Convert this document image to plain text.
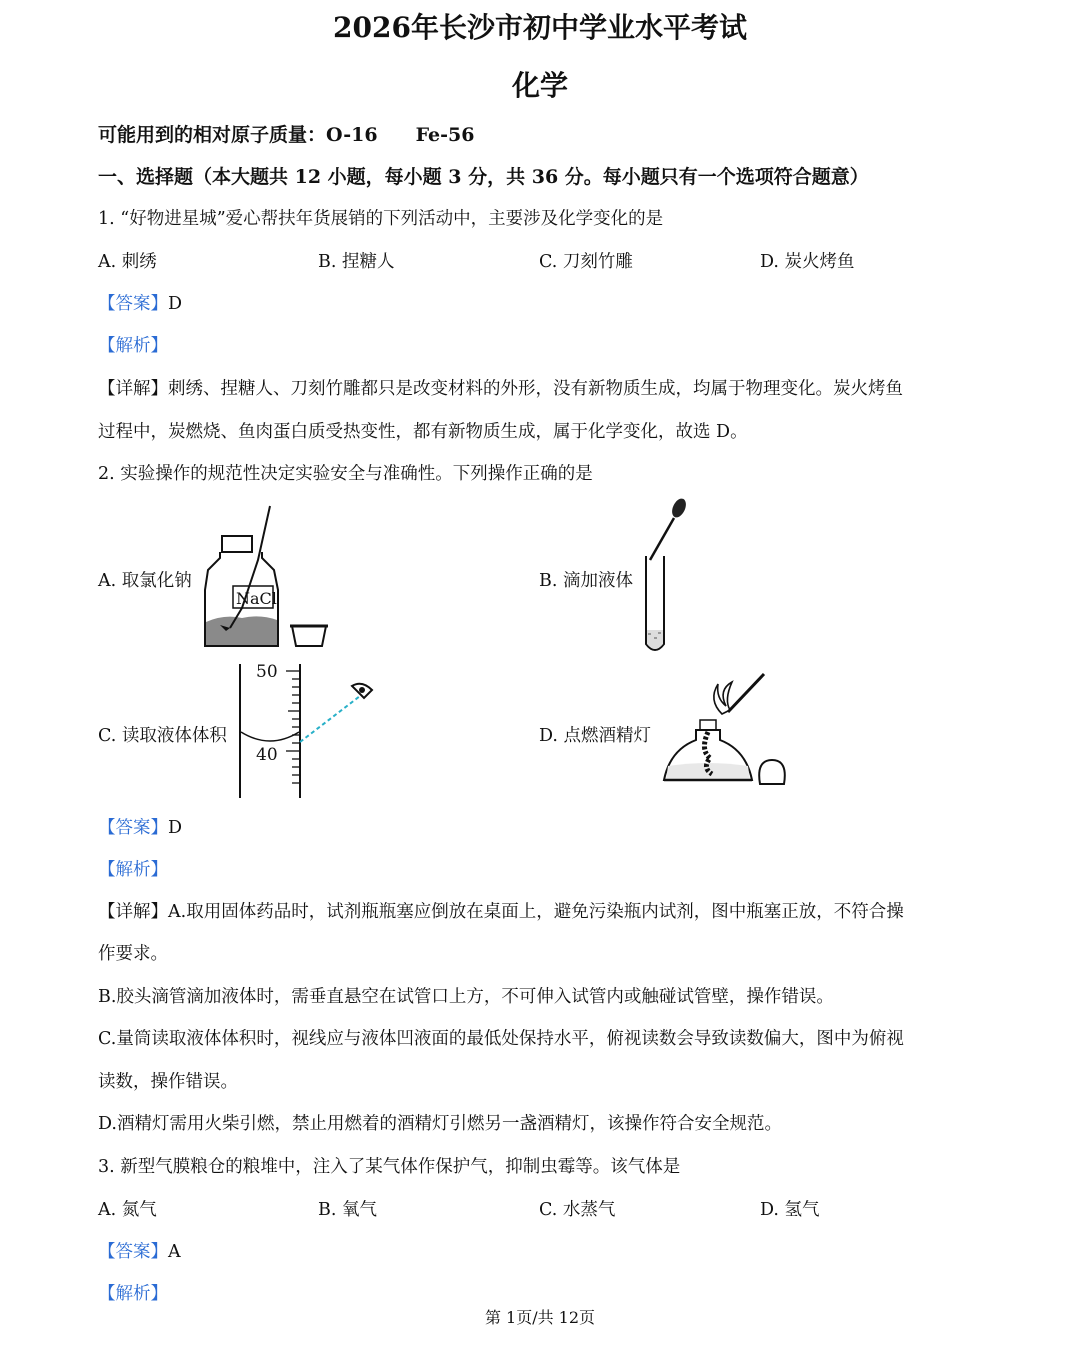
2026年长沙市初中学业水平考试
化学
可能用到的相对原子质量：O-16　　Fe-56
一、选择题（本大题共 12 小题，每小题 3 分，共 36 分。每小题只有一个选项符合题意）
1. “好物进星城”爱心帮扶年货展销的下列活动中，主要涉及化学变化的是
A. 刺绣	B. 捏糖人	C. 刀刻竹雕	D. 炭火烤鱼
【答案】D
【解析】
【详解】刺绣、捏糖人、刀刻竹雕都只是改变材料的外形，没有新物质生成，均属于物理变化。炭火烤鱼
过程中，炭燃烧、鱼肉蛋白质受热变性，都有新物质生成，属于化学变化，故选 D。
2. 实验操作的规范性决定实验安全与准确性。下列操作正确的是
A. 取氯化钠
NaCl
B. 滴加液体
C. 读取液体体积
50
40
D. 点燃酒精灯
【答案】D
【解析】
【详解】A.取用固体药品时，试剂瓶瓶塞应倒放在桌面上，避免污染瓶内试剂，图中瓶塞正放，不符合操
作要求。
B.胶头滴管滴加液体时，需垂直悬空在试管口上方，不可伸入试管内或触碰试管壁，操作错误。
C.量筒读取液体体积时，视线应与液体凹液面的最低处保持水平，俯视读数会导致读数偏大，图中为俯视
读数，操作错误。
D.酒精灯需用火柴引燃，禁止用燃着的酒精灯引燃另一盏酒精灯，该操作符合安全规范。
3. 新型气膜粮仓的粮堆中，注入了某气体作保护气，抑制虫霉等。该气体是
A. 氮气	B. 氧气	C. 水蒸气	D. 氢气
【答案】A
【解析】
第 1页/共 12页
